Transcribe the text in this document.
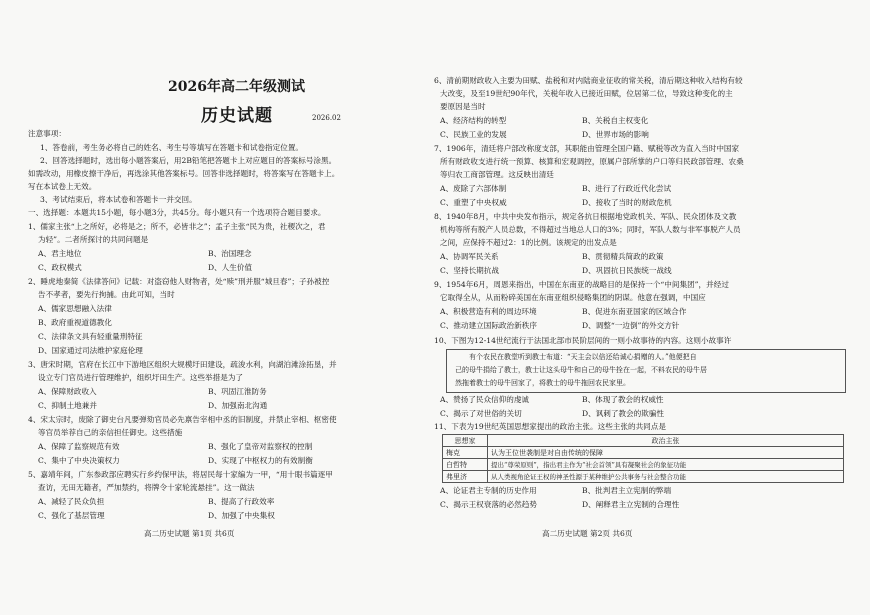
2026年高二年级测试
历史试题	2026.02
注意事项：
1、答卷前，考生务必将自己的姓名、考生号等填写在答题卡和试卷指定位置。
2、回答选择题时，选出每小题答案后，用2B铅笔把答题卡上对应题目的答案标号涂黑。
如需改动，用橡皮擦干净后，再选涂其他答案标号。回答非选择题时，将答案写在答题卡上。
写在本试卷上无效。
3、考试结束后，将本试卷和答题卡一并交回。
一、选择题：本题共15小题，每小题3分，共45分。每小题只有一个选项符合题目要求。
1、儒家主张“上之所好，必将是之；所不，必皆非之”；孟子主张“民为贵，社稷次之，君
为轻”。二者所探讨的共同问题是
A、君主地位	B、治国理念
C、政权模式	D、人生价值
2、睡虎地秦简《法律答问》记载：对盗窃他人财物者，处“赎”刑并服“城旦春”；子孙被控
告不孝者，要先行拘捕。由此可知，当时
A、儒家思想融入法律
B、政府重视道德教化
C、法律条文具有轻重量刑特征
D、国家通过司法维护家庭伦理
3、唐宋时期，官府在长江中下游地区组织大规模圩田建设，疏浚水利，向湖泊滩涂拓垦，并
设立专门官员进行管理维护，组织圩田生产。这些举措是为了
A、保障财政收入	B、巩固江淮防务
C、抑制土地兼并	D、加强南北沟通
4、宋太宗时，废除了御史台凡要弹劾官员必先禀告宰相中丞的旧制度，并禁止宰相、枢密使
等官员举荐自己的亲信担任御史。这些措施
A、保障了监察规范有效	B、强化了皇帝对监察权的控制
C、集中了中央决策权力	D、实现了中枢权力的有效制衡
5、嘉靖年间，广东参政部应聘实行乡约保甲法，将居民每十家编为一甲，“用十眼书篇逐甲
查访，无田无籍者，严加禁约，将牌令十家轮流悬挂”。这一做法
A、减轻了民众负担	B、提高了行政效率
C、强化了基层管理	D、加强了中央集权
高二历史试题 第1页 共6页
6、清前期财政收入主要为田赋、盐税和对内陆商业征收的常关税，清后期这种收入结构有较
大改变，及至19世纪90年代，关税年收入已接近田赋，位居第二位，导致这种变化的主
要原因是当时
A、经济结构的转型	B、关税自主权变化
C、民族工业的发展	D、世界市场的影响
7、1906年，清廷将户部改称度支部，其职能由管理全国户籍、赋税等改为直入当时中国家
所有财政收支进行统一预算、核算和宏观调控，原属户部所掌的户口等归民政部管理、农桑
等归农工商部管理。这反映出清廷
A、废除了六部体制	B、进行了行政近代化尝试
C、重塑了中央权威	D、接收了当时的财政危机
8、1940年8月，中共中央发布指示，规定各抗日根据地党政机关、军队、民众团体及文教
机构等所有脱产人员总数，不得超过当地总人口的3%；同时，军队人数与非军事脱产人员
之间，应保持不超过2：1的比例。该规定的出发点是
A、协调军民关系	B、贯彻精兵简政的政策
C、坚持长期抗战	D、巩固抗日民族统一战线
9、1954年6月，周恩来指出，中国在东南亚的战略目的是保持一个“中间集团”，并经过
它取得全从，从而粉碎美国在东南亚组织侵略集团的阴谋。他意在强调，中国应
A、积极营造有利的周边环境	B、促进东南亚国家的区域合作
C、推动建立国际政治新秩序	D、调整“一边倒”的外交方针
10、下图为12-14世纪流行于法国北部市民阶层间的一则小故事待的内容。这则小故事许
有个农民在教堂听到教士布道：“天主会以倍还给诚心捐赠的人。”他便把自
己的母牛捐给了教士，教士让这头母牛和自己的母牛拴在一起，不料农民的母牛居
然拖着教士的母牛回家了，将教士的母牛拖回农民家里。
A、赞扬了民众信仰的虔诚	B、体现了教会的权威性
C、揭示了对世俗的关切	D、讽刺了教会的欺骗性
11、下表为19世纪英国思想家提出的政治主张。这些主张的共同点是
思想家	政治主张
梅克	认为王位世袭制是对自由传统的保障
白哲特	提出“尊荣原则”，指出君主作为“社会首领”具有凝聚社会的象征功能
弗里济	从人类视角论证王权的神圣性源于某种维护公共事务与社会整合功能
A、论证君主专制的历史作用	B、批判君主立宪制的弊端
C、揭示王权衰落的必然趋势	D、阐释君主立宪制的合理性
高二历史试题 第2页 共6页
